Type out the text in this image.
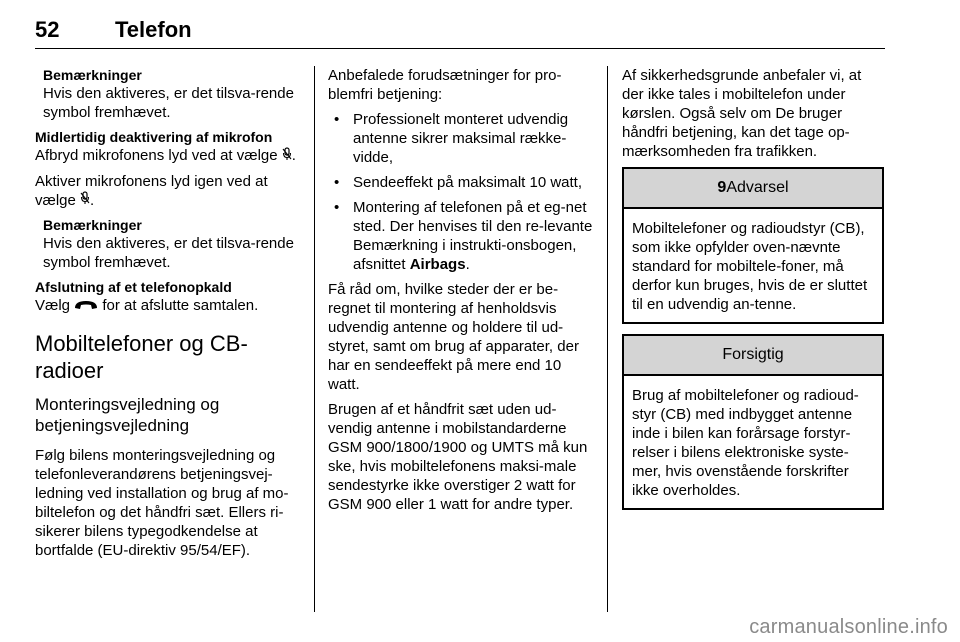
52	Telefon
Bemærkninger
Hvis den aktiveres, er det tilsva-rende symbol fremhævet.
Midlertidig deaktivering af mikrofon

Afbryd mikrofonens lyd ved at vælge .

Aktiver mikrofonens lyd igen ved at vælge .

Bemærkninger
Hvis den aktiveres, er det tilsva-rende symbol fremhævet.
Afslutning af et telefonopkald

Vælg for at afslutte samtalen.

Mobiltelefoner og CB-radioer
Monteringsvejledning og betjeningsvejledning

Følg bilens monteringsvejledning og telefonleverandørens betjeningsvej-ledning ved installation og brug af mo-biltelefon og det håndfri sæt. Ellers ri-sikerer bilens typegodkendelse at bortfalde (EU-direktiv 95/54/EF).

Anbefalede forudsætninger for pro-blemfri betjening:

• Professionelt monteret udvendig antenne sikrer maksimal række-vidde,
• Sendeeffekt på maksimalt 10 watt,
• Montering af telefonen på et eg-net sted. Der henvises til den re-levante Bemærkning i instrukti-onsbogen, afsnittet Airbags.

Få råd om, hvilke steder der er be-regnet til montering af henholdsvis udvendig antenne og holdere til ud-styret, samt om brug af apparater, der har en sendeeffekt på mere end 10 watt.

Brugen af et håndfrit sæt uden ud-vendig antenne i mobilstandarderne GSM 900/1800/1900 og UMTS må kun ske, hvis mobiltelefonens maksi-male sendestyrke ikke overstiger 2 watt for GSM 900 eller 1 watt for andre typer.

Af sikkerhedsgrunde anbefaler vi, at der ikke tales i mobiltelefon under kørslen. Også selv om De bruger håndfri betjening, kan det tage op-mærksomheden fra trafikken.

9Advarsel
Mobiltelefoner og radioudstyr (CB), som ikke opfylder oven-nævnte standard for mobiltele-foner, må derfor kun bruges, hvis de er sluttet til en udvendig an-tenne.
Forsigtig
Brug af mobiltelefoner og radioud-styr (CB) med indbygget antenne inde i bilen kan forårsage forstyr-relser i bilens elektroniske syste-mer, hvis ovenstående forskrifter ikke overholdes.
carmanualsonline.info
